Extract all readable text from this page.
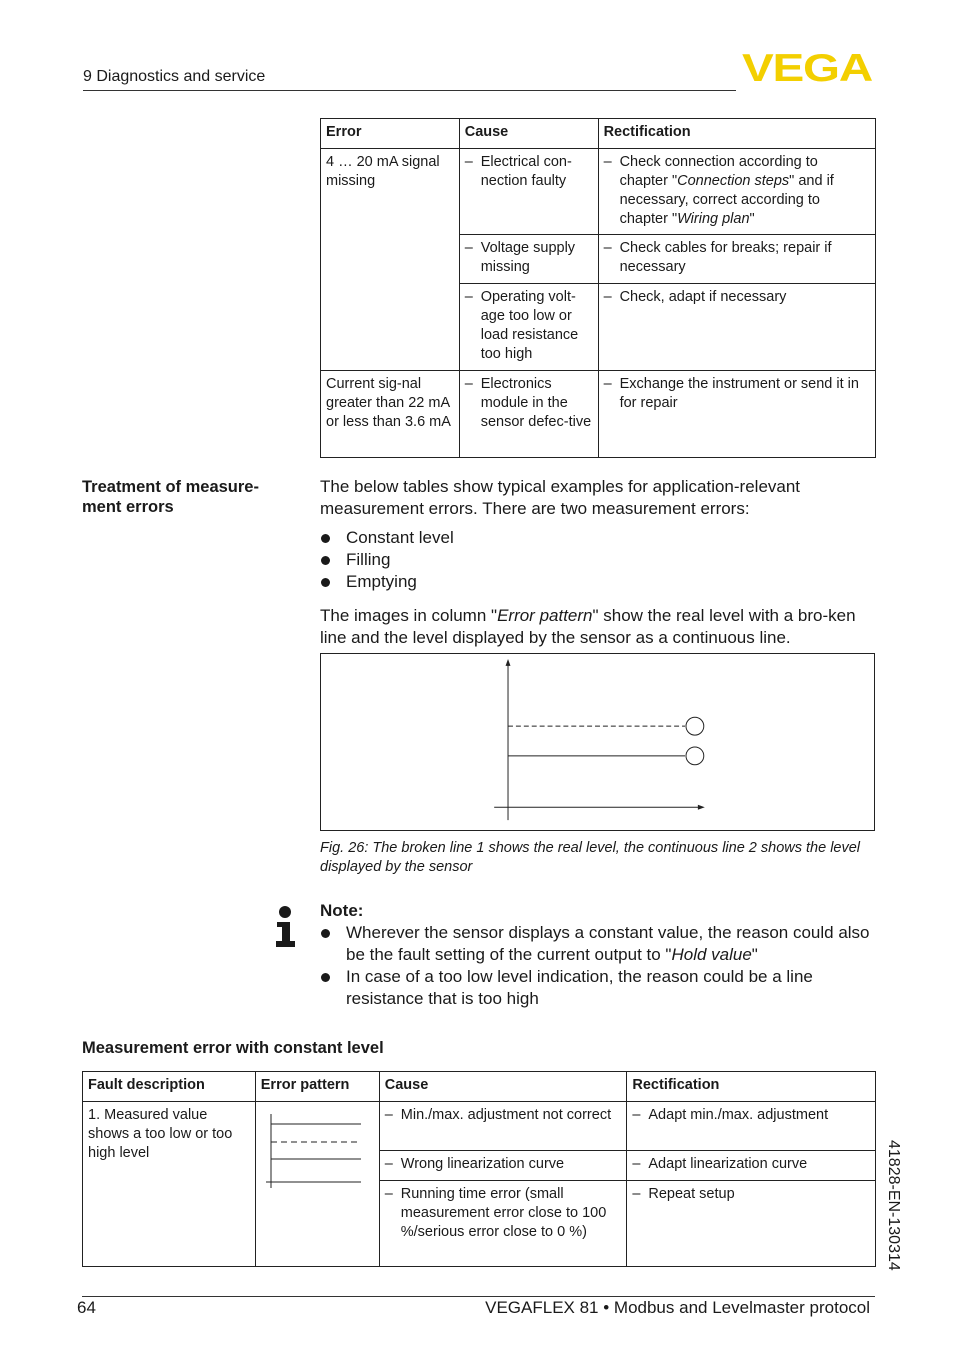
9 Diagnostics and service	VEGA
Error	Cause	Rectification
4 … 20 mA signal missing	– Electrical con-nection faulty	– Check connection according to chapter "Connection steps" and if necessary, correct according to chapter "Wiring plan"

	– Voltage supply missing	– Check cables for breaks; repair if necessary

	– Operating volt-age too low or load resistance too high	– Check, adapt if necessary

Current sig-nal greater than 22 mA or less than 3.6 mA	– Electronics module in the sensor defec-tive	– Exchange the instrument or send it in for repair
Treatment of measure-ment errors
The below tables show typical examples for application-relevant measurement errors. There are two measurement errors:
Constant level
Filling
Emptying
The images in column "Error pattern" show the real level with a bro-ken line and the level displayed by the sensor as a continuous line.
Fig. 26: The broken line 1 shows the real level, the continuous line 2 shows the level displayed by the sensor
Note:
Wherever the sensor displays a constant value, the reason could also be the fault setting of the current output to "Hold value"
In case of a too low level indication, the reason could be a line resistance that is too high
Measurement error with constant level
Fault description	Error pattern	Cause	Rectification
1. Measured value shows a too low or too high level		– Min./max. adjustment not correct	– Adapt min./max. adjustment

		– Wrong linearization curve	– Adapt linearization curve

		– Running time error (small measurement error close to 100 %/serious error close to 0 %)	– Repeat setup	41828-EN-130314
64	VEGAFLEX 81 • Modbus and Levelmaster protocol
